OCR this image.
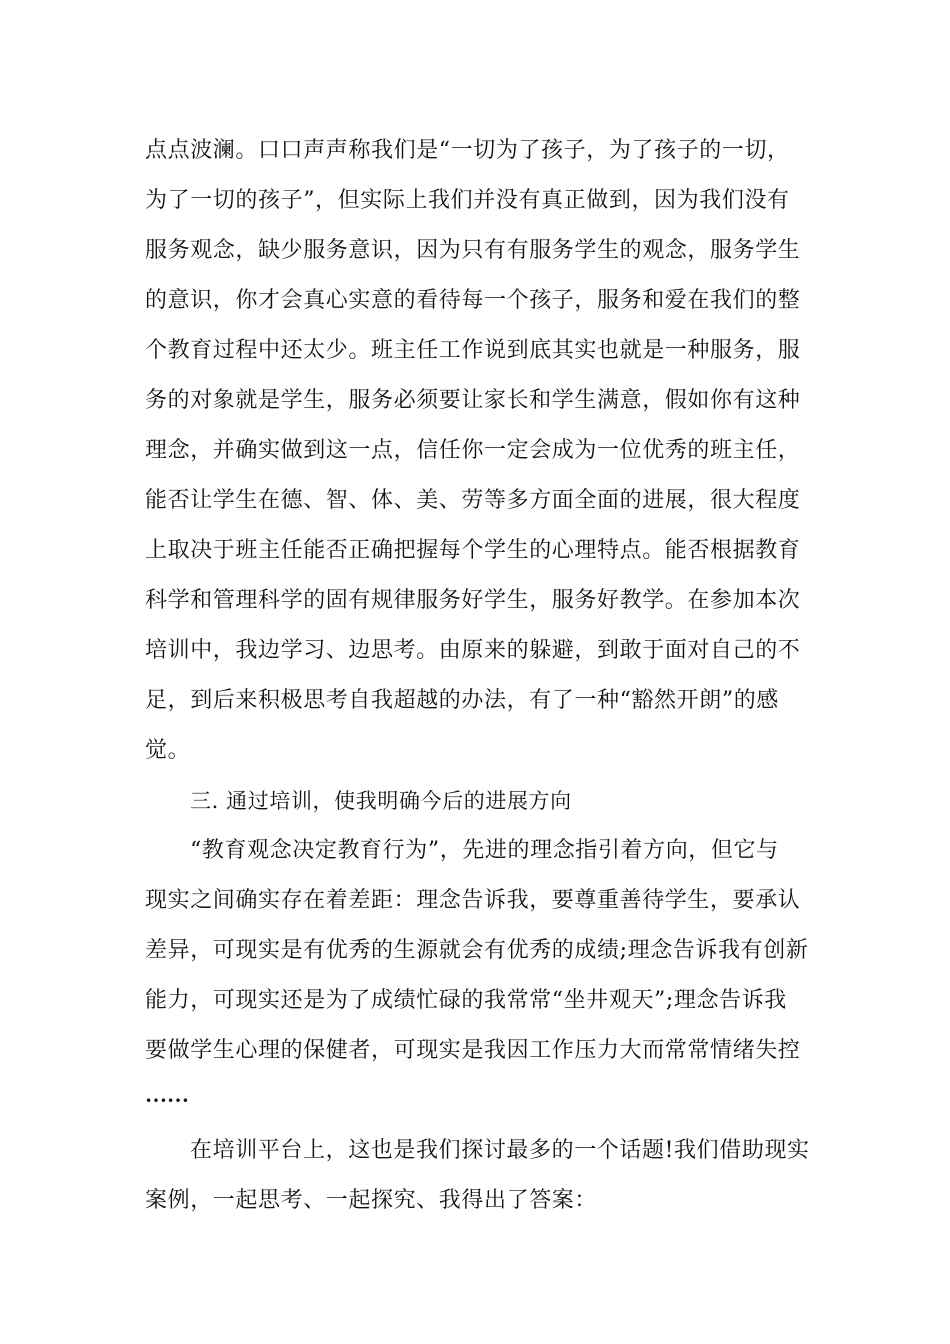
点点波澜。口口声声称我们是“一切为了孩子，为了孩子的一切，
为了一切的孩子”，但实际上我们并没有真正做到，因为我们没有
服务观念，缺少服务意识，因为只有有服务学生的观念，服务学生
的意识，你才会真心实意的看待每一个孩子，服务和爱在我们的整
个教育过程中还太少。班主任工作说到底其实也就是一种服务，服
务的对象就是学生，服务必须要让家长和学生满意，假如你有这种
理念，并确实做到这一点，信任你一定会成为一位优秀的班主任，
能否让学生在德、智、体、美、劳等多方面全面的进展，很大程度
上取决于班主任能否正确把握每个学生的心理特点。能否根据教育
科学和管理科学的固有规律服务好学生，服务好教学。在参加本次
培训中，我边学习、边思考。由原来的躲避，到敢于面对自己的不
足，到后来积极思考自我超越的办法，有了一种“豁然开朗”的感
觉。
三. 通过培训，使我明确今后的进展方向
“教育观念决定教育行为”，先进的理念指引着方向，但它与
现实之间确实存在着差距：理念告诉我，要尊重善待学生，要承认
差异，可现实是有优秀的生源就会有优秀的成绩;理念告诉我有创新
能力，可现实还是为了成绩忙碌的我常常“坐井观天”;理念告诉我
要做学生心理的保健者，可现实是我因工作压力大而常常情绪失控
……
在培训平台上，这也是我们探讨最多的一个话题!我们借助现实
案例，一起思考、一起探究、我得出了答案：
